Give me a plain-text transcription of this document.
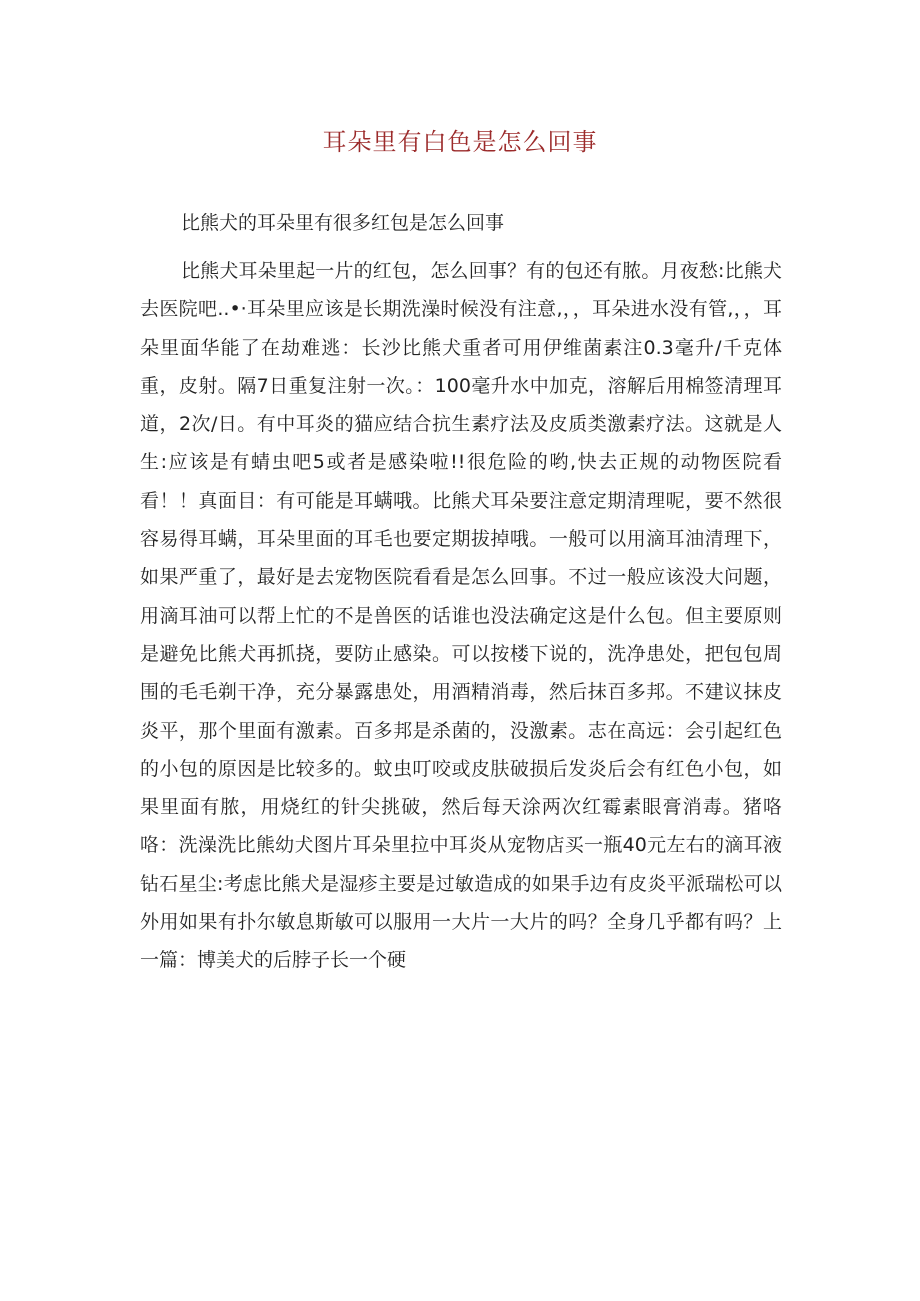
耳朵里有白色是怎么回事

比熊犬的耳朵里有很多红包是怎么回事

比熊犬耳朵里起一片的红包，怎么回事？有的包还有脓。月夜愁:比熊犬去医院吧..•·耳朵里应该是长期洗澡时候没有注意,，，耳朵进水没有管,，，耳朵里面华能了在劫难逃：长沙比熊犬重者可用伊维菌素注0.3毫升/千克体重，皮射。隔7日重复注射一次。：100毫升水中加克，溶解后用棉签清理耳道，2次/日。有中耳炎的猫应结合抗生素疗法及皮质类激素疗法。这就是人生:应该是有蜻虫吧5或者是感染啦!!很危险的哟,快去正规的动物医院看看！！真面目：有可能是耳螨哦。比熊犬耳朵要注意定期清理呢，要不然很容易得耳螨，耳朵里面的耳毛也要定期拔掉哦。一般可以用滴耳油清理下，如果严重了，最好是去宠物医院看看是怎么回事。不过一般应该没大问题，用滴耳油可以帮上忙的不是兽医的话谁也没法确定这是什么包。但主要原则是避免比熊犬再抓挠，要防止感染。可以按楼下说的，洗净患处，把包包周围的毛毛剃干净，充分暴露患处，用酒精消毒，然后抹百多邦。不建议抹皮炎平，那个里面有激素。百多邦是杀菌的，没激素。志在高远：会引起红色的小包的原因是比较多的。蚊虫叮咬或皮肤破损后发炎后会有红色小包，如果里面有脓，用烧红的针尖挑破，然后每天涂两次红霉素眼膏消毒。猪咯咯：洗澡洗比熊幼犬图片耳朵里拉中耳炎从宠物店买一瓶40元左右的滴耳液钻石星尘:考虑比熊犬是湿疹主要是过敏造成的如果手边有皮炎平派瑞松可以外用如果有扑尔敏息斯敏可以服用一大片一大片的吗？全身几乎都有吗？上一篇：博美犬的后脖子长一个硬
